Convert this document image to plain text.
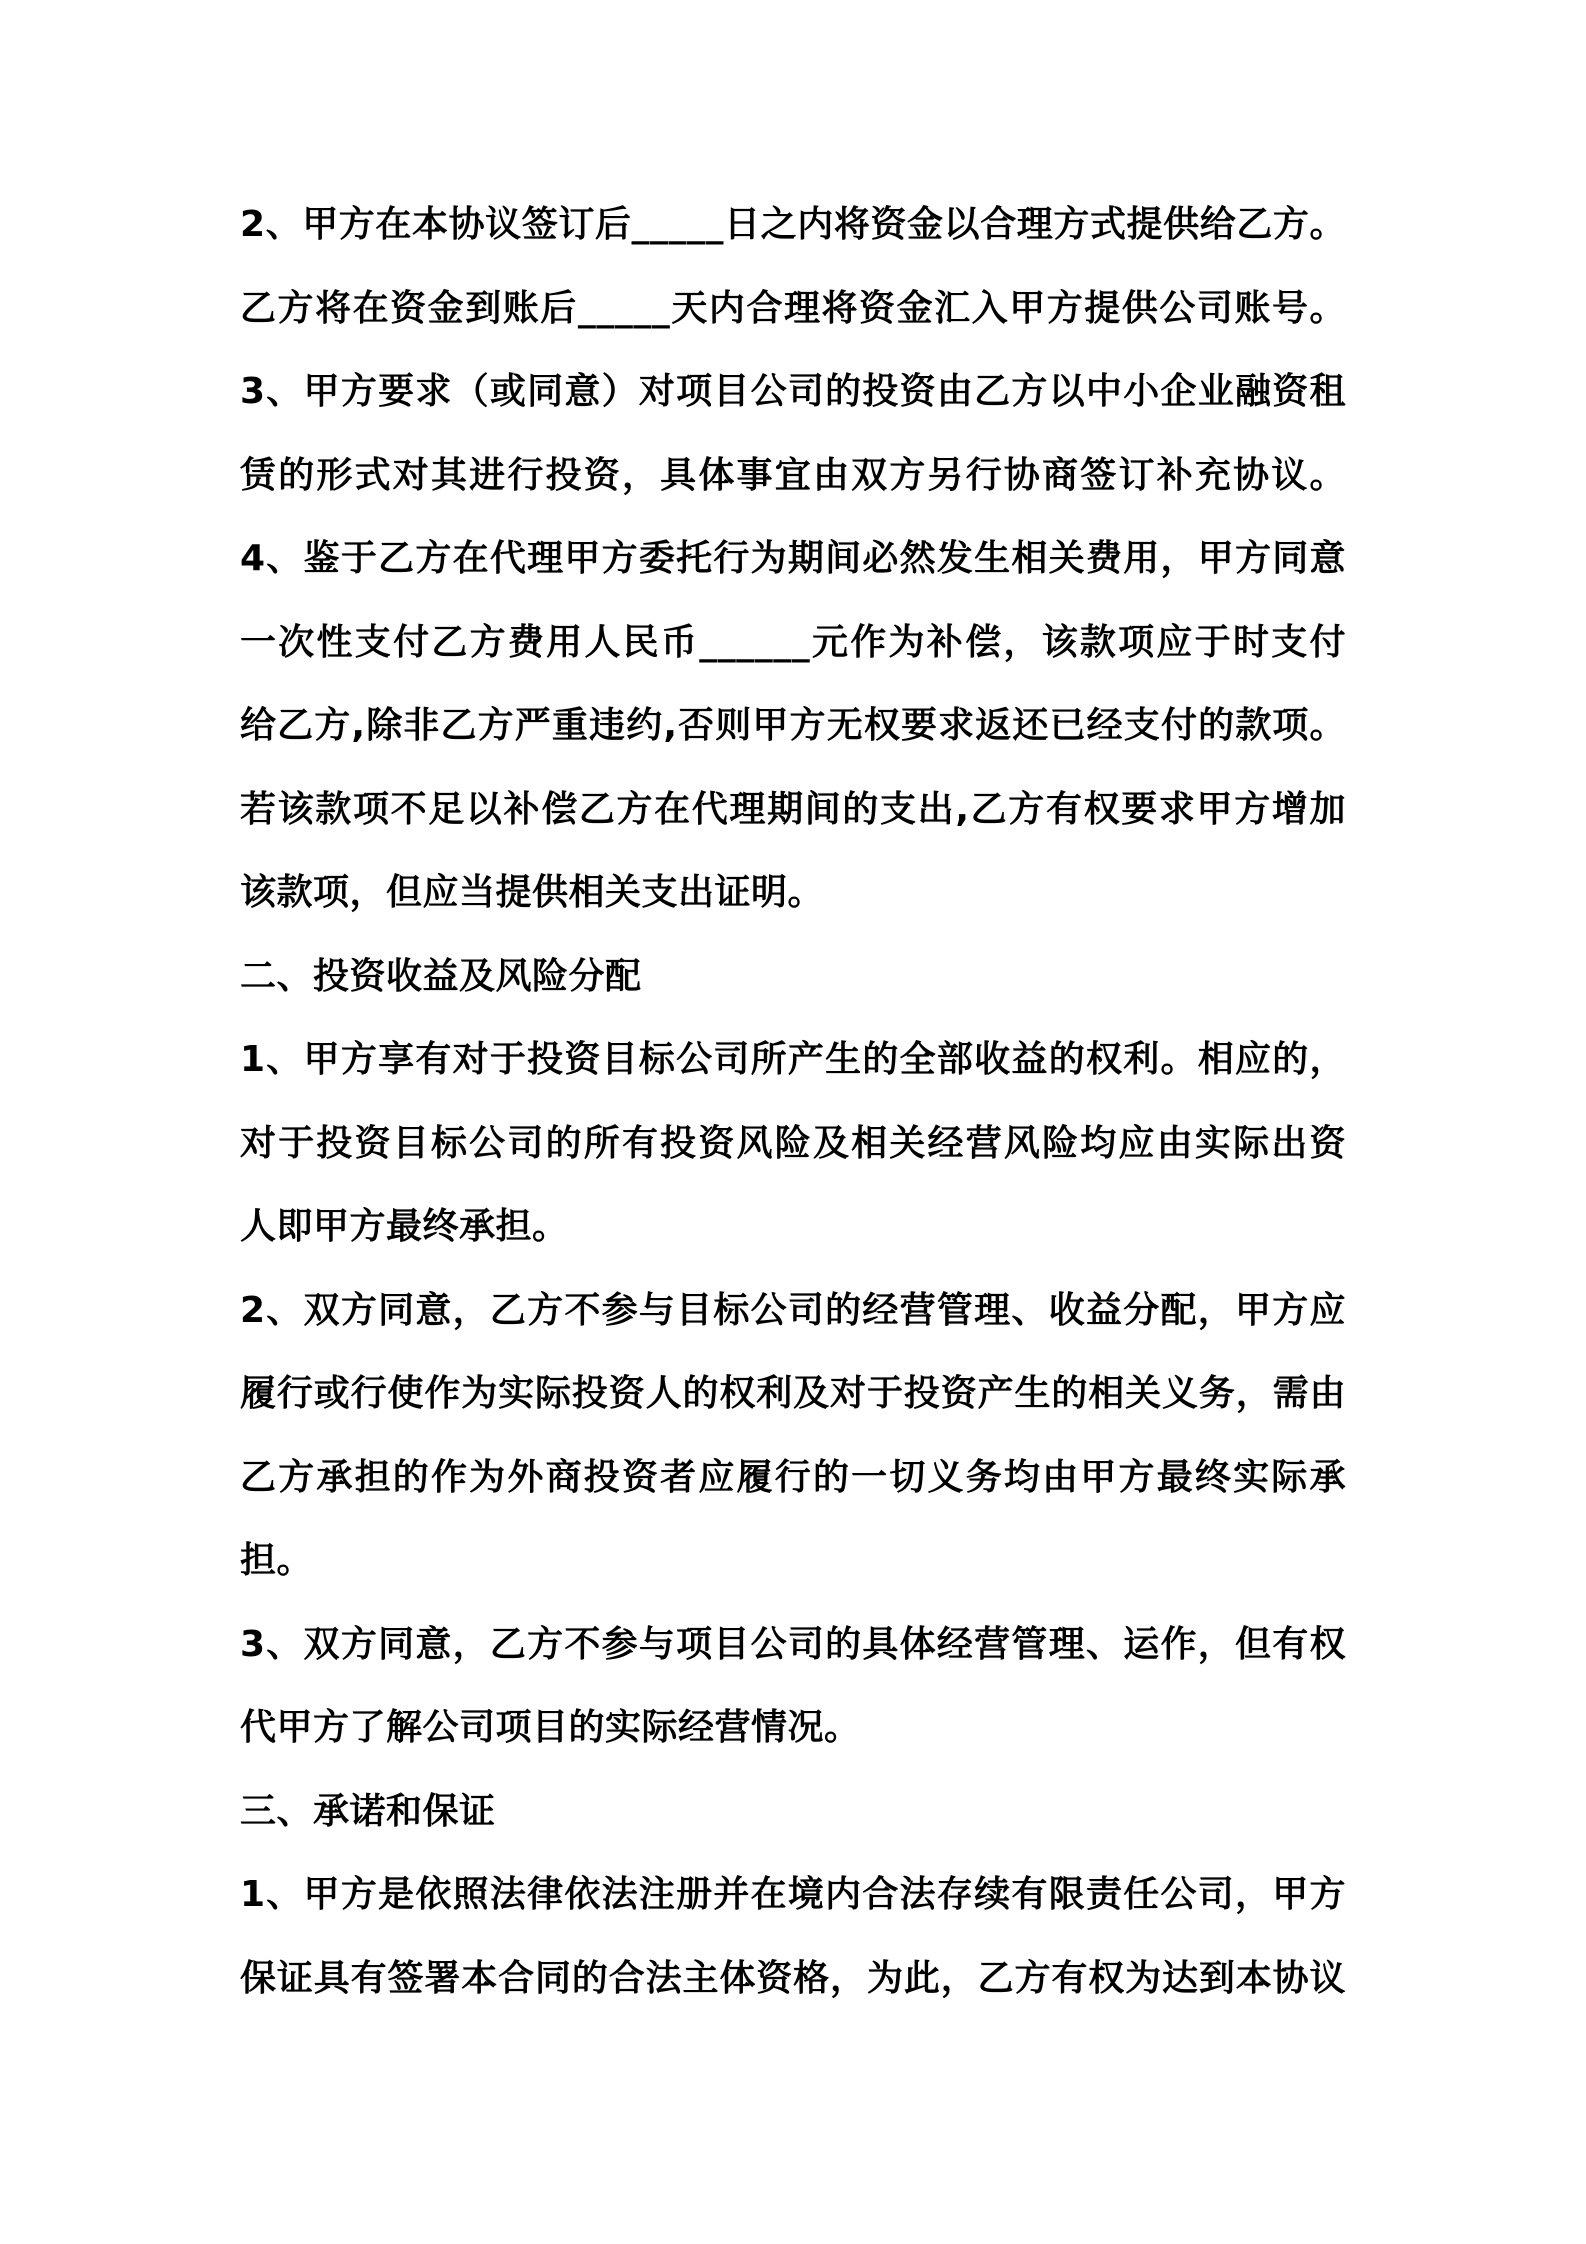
2、甲方在本协议签订后_____日之内将资金以合理方式提供给乙方。
乙方将在资金到账后_____天内合理将资金汇入甲方提供公司账号。
3、甲方要求（或同意）对项目公司的投资由乙方以中小企业融资租
赁的形式对其进行投资，具体事宜由双方另行协商签订补充协议。
4、鉴于乙方在代理甲方委托行为期间必然发生相关费用，甲方同意
一次性支付乙方费用人民币______元作为补偿，该款项应于时支付
给乙方,除非乙方严重违约,否则甲方无权要求返还已经支付的款项。
若该款项不足以补偿乙方在代理期间的支出,乙方有权要求甲方增加
该款项，但应当提供相关支出证明。
二、投资收益及风险分配
1、甲方享有对于投资目标公司所产生的全部收益的权利。相应的，
对于投资目标公司的所有投资风险及相关经营风险均应由实际出资
人即甲方最终承担。
2、双方同意，乙方不参与目标公司的经营管理、收益分配，甲方应
履行或行使作为实际投资人的权利及对于投资产生的相关义务，需由
乙方承担的作为外商投资者应履行的一切义务均由甲方最终实际承
担。
3、双方同意，乙方不参与项目公司的具体经营管理、运作，但有权
代甲方了解公司项目的实际经营情况。
三、承诺和保证
1、甲方是依照法律依法注册并在境内合法存续有限责任公司，甲方
保证具有签署本合同的合法主体资格，为此，乙方有权为达到本协议
